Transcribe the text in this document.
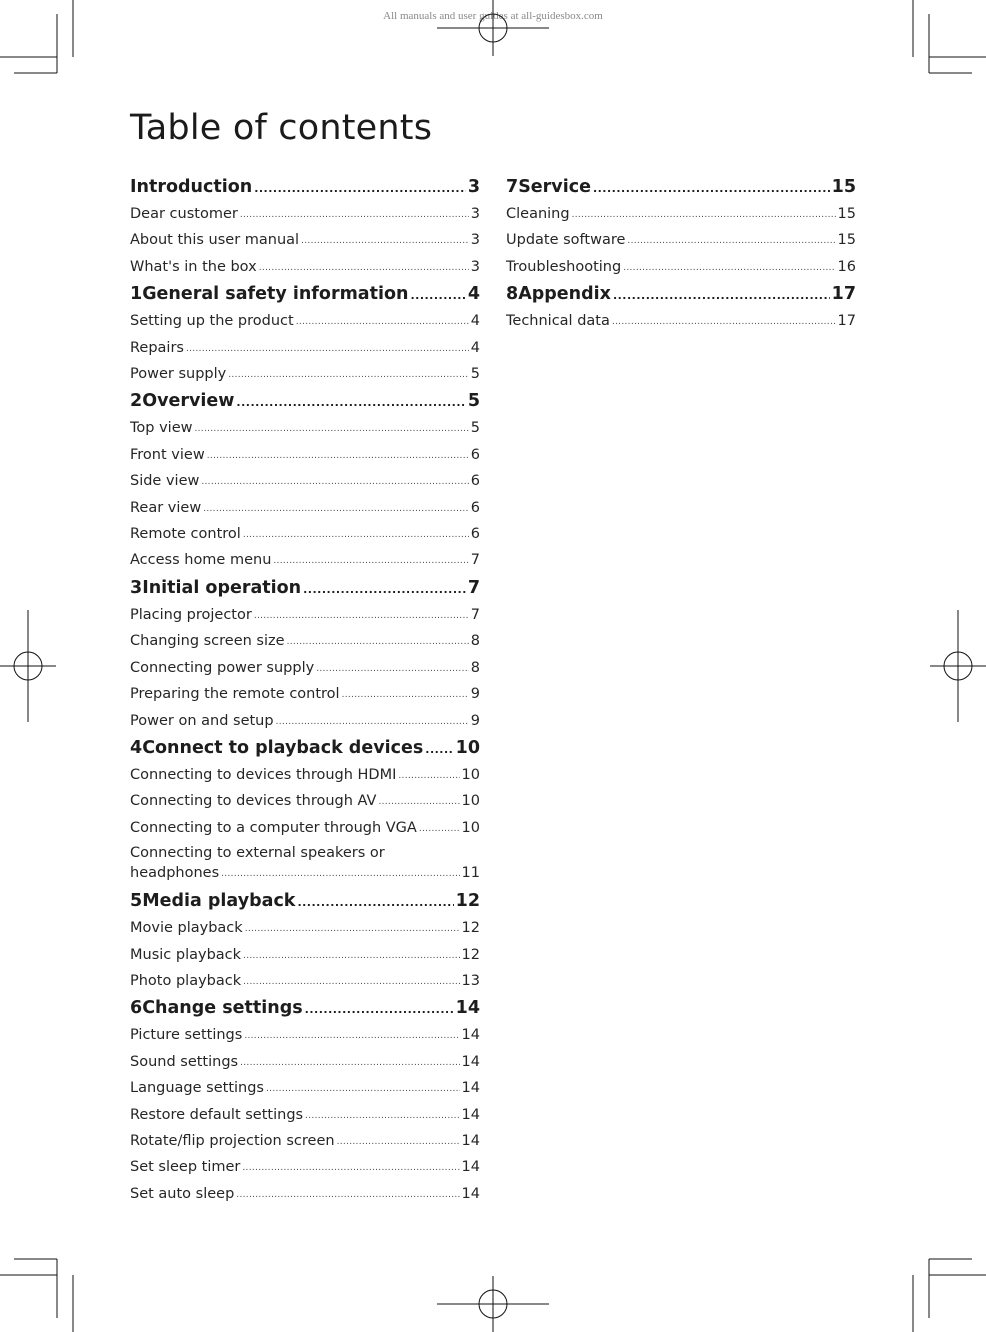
All manuals and user guides at all-guidesbox.com
Table of contents
Introduction .....	3
Dear customer .....	3
About this user manual .....	3
What's in the box .....	3
1 General safety information .....	4
Setting up the product .....	4
Repairs .....	4
Power supply .....	5
2 Overview .....	5
Top view .....	5
Front view .....	6
Side view .....	6
Rear view .....	6
Remote control .....	6
Access home menu .....	7
3 Initial operation .....	7
Placing projector .....	7
Changing screen size .....	8
Connecting power supply .....	8
Preparing the remote control .....	9
Power on and setup .....	9
4 Connect to playback devices ..... 10
Connecting to devices through HDMI .....	10
Connecting to devices through AV .....	10
Connecting to a computer through VGA .....	10
Connecting to external speakers or
headphones .....	11
5 Media playback .....	12
Movie playback .....	12
Music playback .....	12
Photo playback .....	13
6 Change settings .....	14
Picture settings .....	14
Sound settings .....	14
Language settings .....	14
Restore default settings .....	14
Rotate/flip projection screen .....	14
Set sleep timer .....	14
Set auto sleep .....	14
7 Service .....	15
Cleaning .....	15
Update software .....	15
Troubleshooting .....	16
8 Appendix .....	17
Technical data .....	17
